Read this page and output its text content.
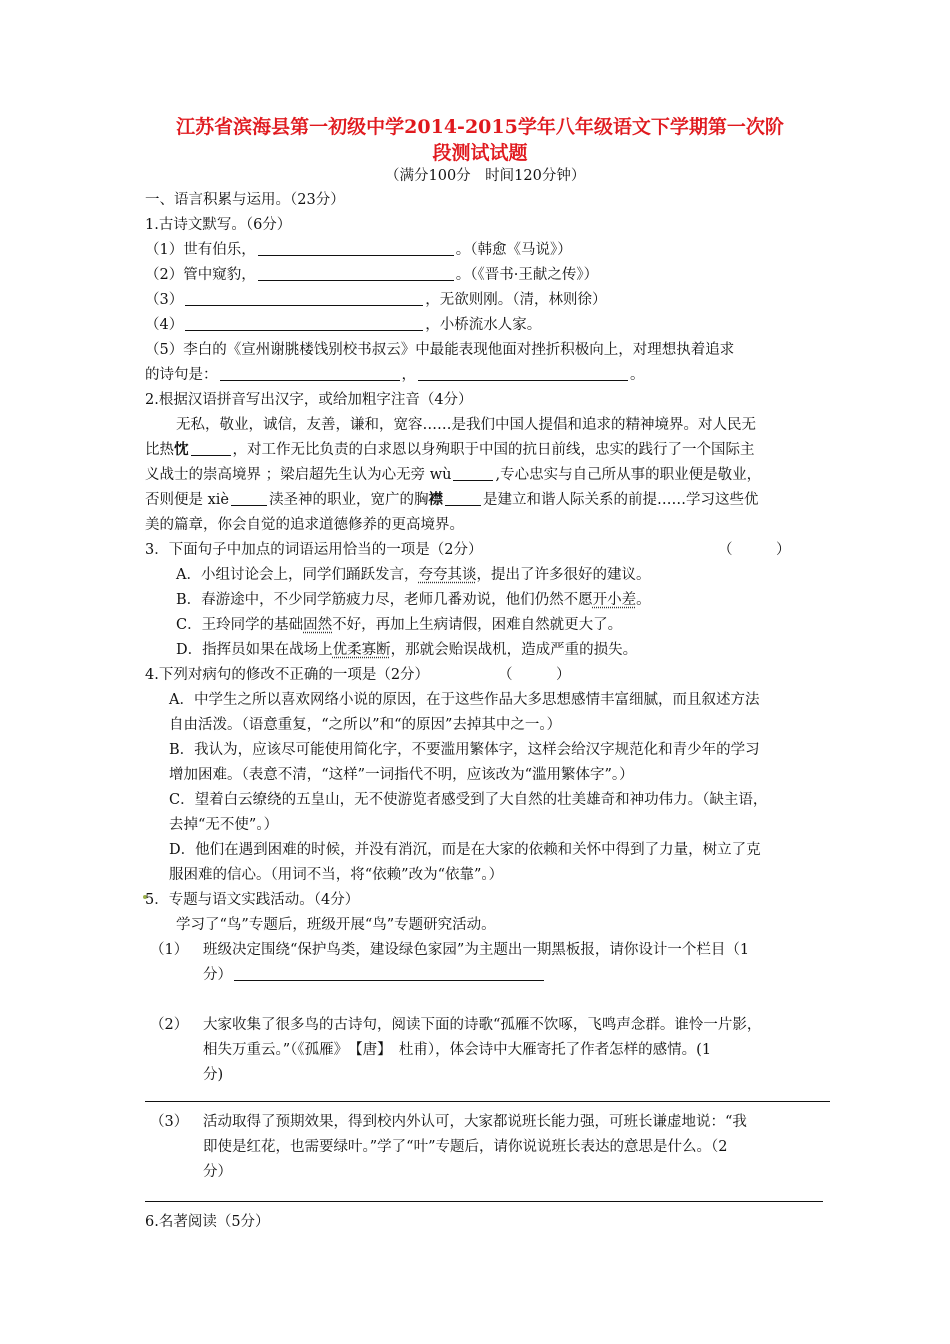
江苏省滨海县第一初级中学2014-2015学年八年级语文下学期第一次阶
段测试试题
（满分100分　时间120分钟）
一、语言积累与运用。（23分）
1.古诗文默写。（6分）
（1）世有伯乐，	。（韩愈《马说》）
（2）管中窥豹，	。（《晋书·王献之传》）
（3）	，无欲则刚。（清，林则徐）
（4）	，小桥流水人家。
（5）李白的《宣州谢朓楼饯别校书叔云》中最能表现他面对挫折积极向上，对理想执着追求
的诗句是：	，	。
2.根据汉语拼音写出汉字，或给加粗字注音（4分）
无私，敬业，诚信，友善，谦和，宽容……是我们中国人提倡和追求的精神境界。对人民无
比热忱	，对工作无比负责的白求恩以身殉职于中国的抗日前线，忠实的践行了一个国际主
义战士的崇高境界 ；梁启超先生认为心无旁 wù	,专心忠实与自己所从事的职业便是敬业，
否则便是 xiè	渎圣神的职业，宽广的胸襟	是建立和谐人际关系的前提……学习这些优
美的篇章，你会自觉的追求道德修养的更高境界。
3．下面句子中加点的词语运用恰当的一项是（2分）	（　　　）
A．小组讨论会上，同学们踊跃发言，夸夸其谈，提出了许多很好的建议。
B．春游途中，不少同学筋疲力尽，老师几番劝说，他们仍然不愿开小差。
C．王玲同学的基础固然不好，再加上生病请假，困难自然就更大了。
D．指挥员如果在战场上优柔寡断，那就会贻误战机，造成严重的损失。
4.下列对病句的修改不正确的一项是（2分）	（　　　）
A．中学生之所以喜欢网络小说的原因，在于这些作品大多思想感情丰富细腻，而且叙述方法
自由活泼。（语意重复，“之所以”和“的原因”去掉其中之一。）
B．我认为，应该尽可能使用简化字，不要滥用繁体字，这样会给汉字规范化和青少年的学习
增加困难。（表意不清，“这样”一词指代不明，应该改为“滥用繁体字”。）
C．望着白云缭绕的五皇山，无不使游览者感受到了大自然的壮美雄奇和神功伟力。（缺主语，
去掉“无不使”。）
D．他们在遇到困难的时候，并没有消沉，而是在大家的依赖和关怀中得到了力量，树立了克
服困难的信心。（用词不当，将“依赖”改为“依靠”。）
5．专题与语文实践活动。（4分）
学习了“鸟”专题后，班级开展“鸟”专题研究活动。
（1） 班级决定围绕“保护鸟类，建设绿色家园”为主题出一期黑板报，请你设计一个栏目（1
分）
（2） 大家收集了很多鸟的古诗句，阅读下面的诗歌“孤雁不饮啄，飞鸣声念群。谁怜一片影，
相失万重云。”（《孤雁》　【唐】　杜甫），体会诗中大雁寄托了作者怎样的感情。(1
分)
（3） 活动取得了预期效果，得到校内外认可，大家都说班长能力强，可班长谦虚地说：“我
即使是红花，也需要绿叶。”学了“叶”专题后，请你说说班长表达的意思是什么。（2
分）
6.名著阅读（5分）
